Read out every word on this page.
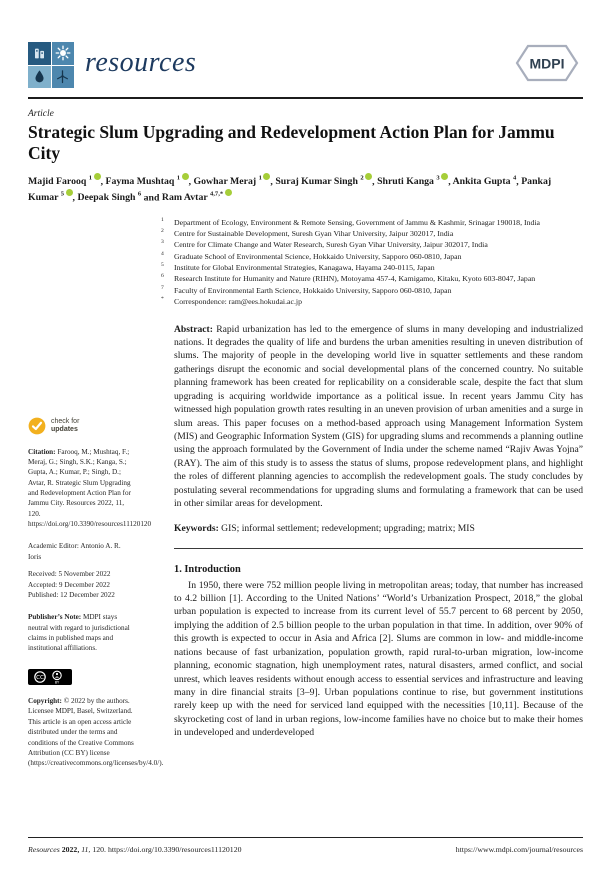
resources	MDPI
Article
Strategic Slum Upgrading and Redevelopment Action Plan for Jammu City
Majid Farooq $^1$ , Fayma Mushtaq $^1$ , Gowhar Meraj $^1$ , Suraj Kumar Singh $^2$ , Shruti Kanga $^3$ , Ankita Gupta $^4$, Pankaj Kumar $^5$ , Deepak Singh $^6$ and Ram Avtar $^{4,7,*}$
check for
updates
Citation: Farooq, M.; Mushtaq, F.; Meraj, G.; Singh, S.K.; Kanga, S.; Gupta, A.; Kumar, P.; Singh, D.; Avtar, R. Strategic Slum Upgrading and Redevelopment Action Plan for Jammu City. Resources 2022, 11, 120. https://doi.org/10.3390/resources11120120
Academic Editor: Antonio A. R. Ioris
Received: 5 November 2022
Accepted: 9 December 2022
Published: 12 December 2022
Publisher’s Note: MDPI stays neutral with regard to jurisdictional claims in published maps and institutional affiliations.
CC
BY
Copyright: © 2022 by the authors. Licensee MDPI, Basel, Switzerland. This article is an open access article distributed under the terms and conditions of the Creative Commons Attribution (CC BY) license (https://creativecommons.org/licenses/by/4.0/).
1	Department of Ecology, Environment & Remote Sensing, Government of Jammu & Kashmir, Srinagar 190018, India
2	Centre for Sustainable Development, Suresh Gyan Vihar University, Jaipur 302017, India
3	Centre for Climate Change and Water Research, Suresh Gyan Vihar University, Jaipur 302017, India
4	Graduate School of Environmental Science, Hokkaido University, Sapporo 060-0810, Japan
5	Institute for Global Environmental Strategies, Kanagawa, Hayama 240-0115, Japan
6	Research Institute for Humanity and Nature (RIHN), Motoyama 457-4, Kamigamo, Kitaku, Kyoto 603-8047, Japan
7	Faculty of Environmental Earth Science, Hokkaido University, Sapporo 060-0810, Japan
*	Correspondence: ram@ees.hokudai.ac.jp
Abstract: Rapid urbanization has led to the emergence of slums in many developing and industrialized nations. It degrades the quality of life and burdens the urban amenities resulting in uneven distribution of slums. The majority of people in the developing world live in squatter settlements and these random gatherings disrupt the economic and social developmental plans of the concerned country. No suitable planning framework has been created for replicability on a considerable scale, despite the fact that slum upgrading is acquiring worldwide importance as a political issue. In recent years Jammu City has witnessed high population growth rates resulting in an uneven provision of urban amenities and a surge in slum areas. This paper focuses on a method-based approach using Management Information System (MIS) and Geographic Information System (GIS) for upgrading slums and recommends a planning outline using the approach formulated by the Government of India under the scheme named “Rajiv Awas Yojna” (RAY). The aim of this study is to assess the status of slums, propose redevelopment plans, and highlight the roles of different planning agencies to accomplish the redevelopment goals. The study concludes by postulating several recommendations for upgrading slums and formulating a framework that can be used in other similar areas for development.
Keywords: GIS; informal settlement; redevelopment; upgrading; matrix; MIS
1. Introduction
In 1950, there were 752 million people living in metropolitan areas; today, that number has increased to 4.2 billion [1]. According to the United Nations’ “World’s Urbanization Prospect, 2018,” the global urban population is expected to increase from its current level of 55.7 percent to 68 percent by 2050, implying the addition of 2.5 billion people to the urban population in that time. In addition, over 90% of this growth is expected to occur in Asia and Africa [2]. Slums are common in low- and middle-income nations because of fast urbanization, population growth, rapid rural-to-urban migration, low-income planning, economic stagnation, high unemployment rates, natural disasters, armed conflict, and social unrest, which leaves residents without enough access to essential services and infrastructure and leaving many in dire financial straits [3–9]. Urban populations continue to rise, but government institutions rarely keep up with the need for serviced land equipped with the necessities [10,11]. Because of the skyrocketing cost of land in urban regions, low-income families have no choice but to make their homes in undeveloped and underdeveloped
Resources 2022, 11, 120. https://doi.org/10.3390/resources11120120	https://www.mdpi.com/journal/resources
